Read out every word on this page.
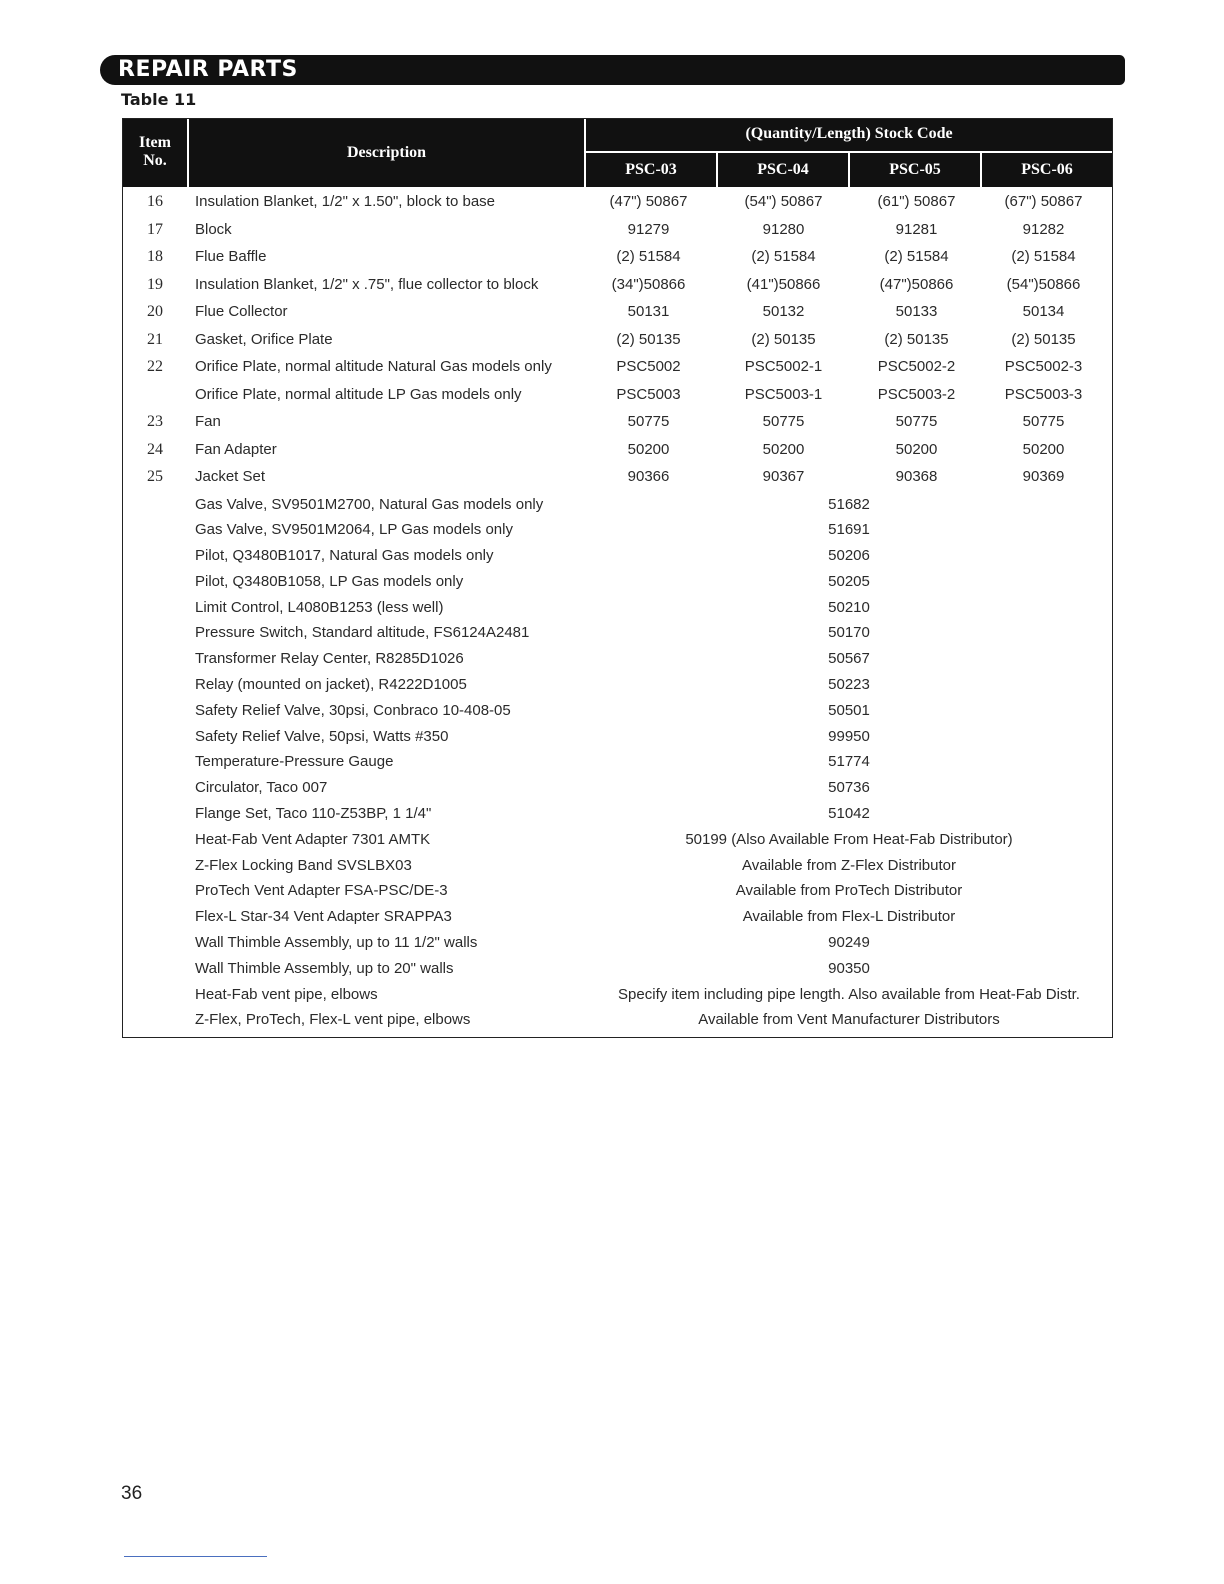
REPAIR PARTS
Table 11
Item
No.	Description
(Quantity/Length) Stock Code
PSC-03	PSC-04	PSC-05	PSC-06
16	Insulation Blanket, 1/2" x 1.50", block to base	(47") 50867	(54") 50867	(61") 50867	(67") 50867
17	Block	91279	91280	91281	91282
18	Flue Baffle	(2) 51584	(2) 51584	(2) 51584	(2) 51584
19	Insulation Blanket, 1/2" x .75", flue collector to block	(34")50866	(41")50866	(47")50866	(54")50866
20	Flue Collector	50131	50132	50133	50134
21	Gasket, Orifice Plate	(2) 50135	(2) 50135	(2) 50135	(2) 50135
22	Orifice Plate, normal altitude Natural Gas models only	PSC5002	PSC5002-1	PSC5002-2	PSC5002-3
Orifice Plate, normal altitude LP Gas models only	PSC5003	PSC5003-1	PSC5003-2	PSC5003-3
23	Fan	50775	50775	50775	50775
24	Fan Adapter	50200	50200	50200	50200
25	Jacket Set	90366	90367	90368	90369
Gas Valve, SV9501M2700, Natural Gas models only	51682
Gas Valve, SV9501M2064, LP Gas models only	51691
Pilot, Q3480B1017, Natural Gas models only	50206
Pilot, Q3480B1058, LP Gas models only	50205
Limit Control, L4080B1253 (less well)	50210
Pressure Switch, Standard altitude, FS6124A2481	50170
Transformer Relay Center, R8285D1026	50567
Relay (mounted on jacket), R4222D1005	50223
Safety Relief Valve, 30psi, Conbraco 10-408-05	50501
Safety Relief Valve, 50psi, Watts #350	99950
Temperature-Pressure Gauge	51774
Circulator, Taco 007	50736
Flange Set, Taco 110-Z53BP, 1 1/4"	51042
Heat-Fab Vent Adapter 7301 AMTK	50199 (Also Available From Heat-Fab Distributor)
Z-Flex Locking Band SVSLBX03	Available from Z-Flex Distributor
ProTech Vent Adapter FSA-PSC/DE-3	Available from ProTech Distributor
Flex-L Star-34 Vent Adapter SRAPPA3	Available from Flex-L Distributor
Wall Thimble Assembly, up to 11 1/2" walls	90249
Wall Thimble Assembly, up to 20" walls	90350
Heat-Fab vent pipe, elbows	Specify item including pipe length. Also available from Heat-Fab Distr.
Z-Flex, ProTech, Flex-L vent pipe, elbows	Available from Vent Manufacturer Distributors
36
